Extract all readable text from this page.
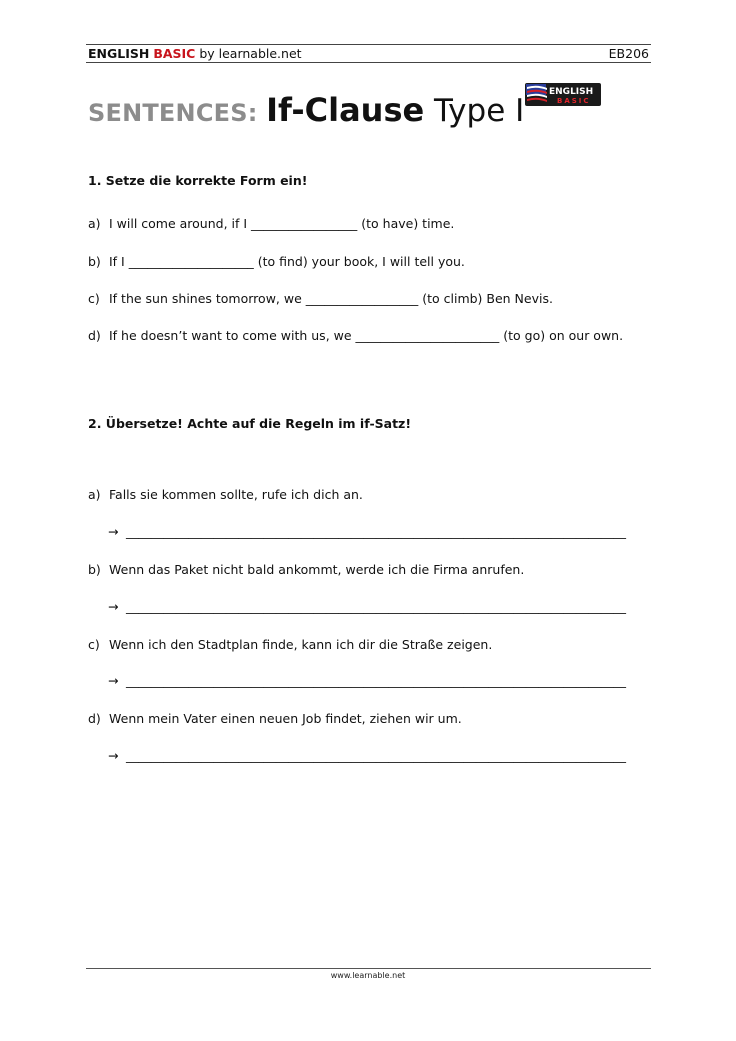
ENGLISH BASIC by learnable.net	EB206
SENTENCES: If-Clause Type I
ENGLISH
BASIC
1. Setze die korrekte Form ein!
a) I will come around, if I _________________ (to have) time.
b) If I ____________________ (to find) your book, I will tell you.
c) If the sun shines tomorrow, we __________________ (to climb) Ben Nevis.
d) If he doesn’t want to come with us, we _______________________ (to go) on our own.
2. Übersetze! Achte auf die Regeln im if-Satz!
a) Falls sie kommen sollte, rufe ich dich an.
→ ________________________________________________________________________________
b) Wenn das Paket nicht bald ankommt, werde ich die Firma anrufen.
→ ________________________________________________________________________________
c) Wenn ich den Stadtplan finde, kann ich dir die Straße zeigen.
→ ________________________________________________________________________________
d) Wenn mein Vater einen neuen Job findet, ziehen wir um.
→ ________________________________________________________________________________
www.learnable.net
